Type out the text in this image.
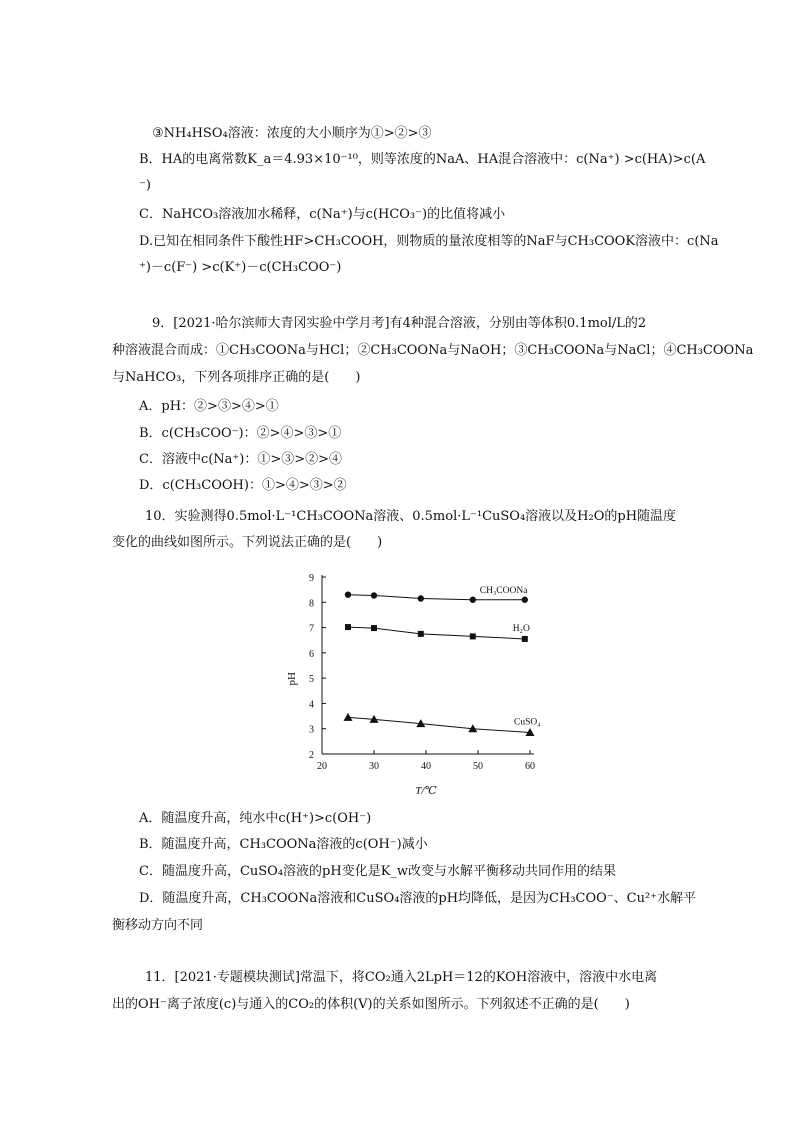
③NH₄HSO₄溶液：浓度的大小顺序为①>②>③
B．HA的电离常数K_a＝4.93×10⁻¹⁰，则等浓度的NaA、HA混合溶液中：c(Na⁺) >c(HA)>c(A
⁻)
C．NaHCO₃溶液加水稀释，c(Na⁺)与c(HCO₃⁻)的比值将减小
D.已知在相同条件下酸性HF>CH₃COOH，则物质的量浓度相等的NaF与CH₃COOK溶液中：c(Na
⁺)－c(F⁻) >c(K⁺)－c(CH₃COO⁻)
9．[2021·哈尔滨师大青冈实验中学月考]有4种混合溶液，分别由等体积0.1mol/L的2
种溶液混合而成：①CH₃COONa与HCl；②CH₃COONa与NaOH；③CH₃COONa与NaCl；④CH₃COONa
与NaHCO₃，下列各项排序正确的是(　　)
A．pH：②>③>④>①
B．c(CH₃COO⁻)：②>④>③>①
C．溶液中c(Na⁺)：①>③>②>④
D．c(CH₃COOH)：①>④>③>②
10．实验测得0.5mol·L⁻¹CH₃COONa溶液、0.5mol·L⁻¹CuSO₄溶液以及H₂O的pH随温度
变化的曲线如图所示。下列说法正确的是(　　)
2
3
4
5
6
7
8
9
20	30	40	50	60
pH
T/℃
CH₃COONa
H₂O
CuSO₄
A．随温度升高，纯水中c(H⁺)>c(OH⁻)
B．随温度升高，CH₃COONa溶液的c(OH⁻)减小
C．随温度升高，CuSO₄溶液的pH变化是K_w改变与水解平衡移动共同作用的结果
D．随温度升高，CH₃COONa溶液和CuSO₄溶液的pH均降低，是因为CH₃COO⁻、Cu²⁺水解平
衡移动方向不同
11．[2021·专题模块测试]常温下，将CO₂通入2LpH＝12的KOH溶液中，溶液中水电离
出的OH⁻离子浓度(c)与通入的CO₂的体积(V)的关系如图所示。下列叙述不正确的是(　　)
